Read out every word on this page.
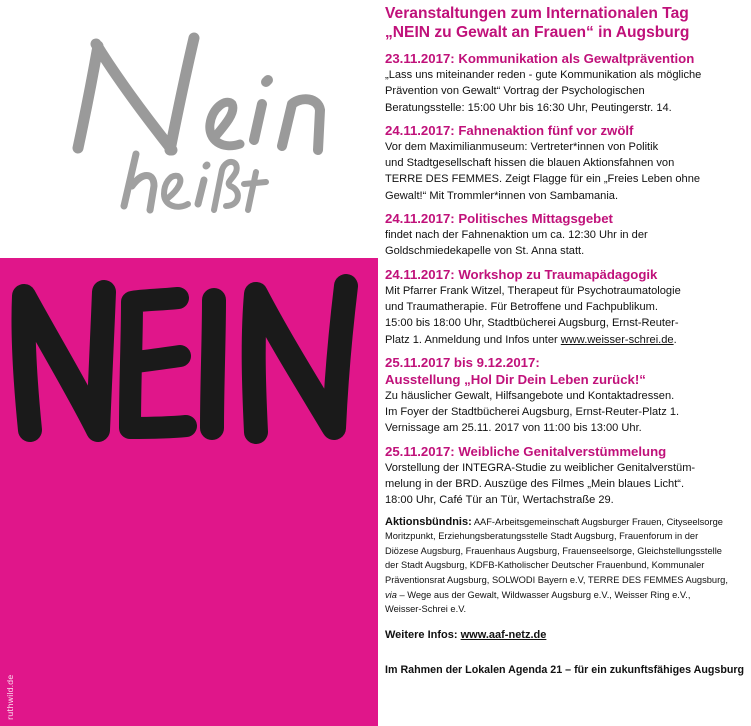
ruthwild.de
Veranstaltungen zum Internationalen Tag
„NEIN zu Gewalt an Frauen“ in Augsburg
23.11.2017: Kommunikation als Gewaltprävention

„Lass uns miteinander reden - gute Kommunikation als mögliche
Prävention von Gewalt“ Vortrag der Psychologischen
Beratungsstelle: 15:00 Uhr bis 16:30 Uhr, Peutingerstr. 14.

24.11.2017: Fahnenaktion fünf vor zwölf

Vor dem Maximilianmuseum: Vertreter*innen von Politik
und Stadtgesellschaft hissen die blauen Aktionsfahnen von
TERRE DES FEMMES. Zeigt Flagge für ein „Freies Leben ohne
Gewalt!“ Mit Trommler*innen von Sambamania.

24.11.2017: Politisches Mittagsgebet

findet nach der Fahnenaktion um ca. 12:30 Uhr in der
Goldschmiedekapelle von St. Anna statt.

24.11.2017: Workshop zu Traumapädagogik

Mit Pfarrer Frank Witzel, Therapeut für Psychotraumatologie
und Traumatherapie. Für Betroffene und Fachpublikum.
15:00 bis 18:00 Uhr, Stadtbücherei Augsburg, Ernst-Reuter-
Platz 1. Anmeldung und Infos unter www.weisser-schrei.de.

25.11.2017 bis 9.12.2017:
Ausstellung „Hol Dir Dein Leben zurück!“

Zu häuslicher Gewalt, Hilfsangebote und Kontaktadressen.
Im Foyer der Stadtbücherei Augsburg, Ernst-Reuter-Platz 1.
Vernissage am 25.11. 2017 von 11:00 bis 13:00 Uhr.

25.11.2017: Weibliche Genitalverstümmelung

Vorstellung der INTEGRA-Studie zu weiblicher Genitalverstüm-
melung in der BRD. Auszüge des Filmes „Mein blaues Licht“.
18:00 Uhr, Café Tür an Tür, Wertachstraße 29.

Aktionsbündnis: AAF-Arbeitsgemeinschaft Augsburger Frauen, Cityseelsorge
Moritzpunkt, Erziehungsberatungsstelle Stadt Augsburg, Frauenforum in der
Diözese Augsburg, Frauenhaus Augsburg, Frauenseelsorge, Gleichstellungsstelle
der Stadt Augsburg, KDFB-Katholischer Deutscher Frauenbund, Kommunaler
Präventionsrat Augsburg, SOLWODI Bayern e.V, TERRE DES FEMMES Augsburg,
via – Wege aus der Gewalt, Wildwasser Augsburg e.V., Weisser Ring e.V.,
Weisser-Schrei e.V.
Weitere Infos: www.aaf-netz.de
Im Rahmen der Lokalen Agenda 21 – für ein zukunftsfähiges Augsburg
